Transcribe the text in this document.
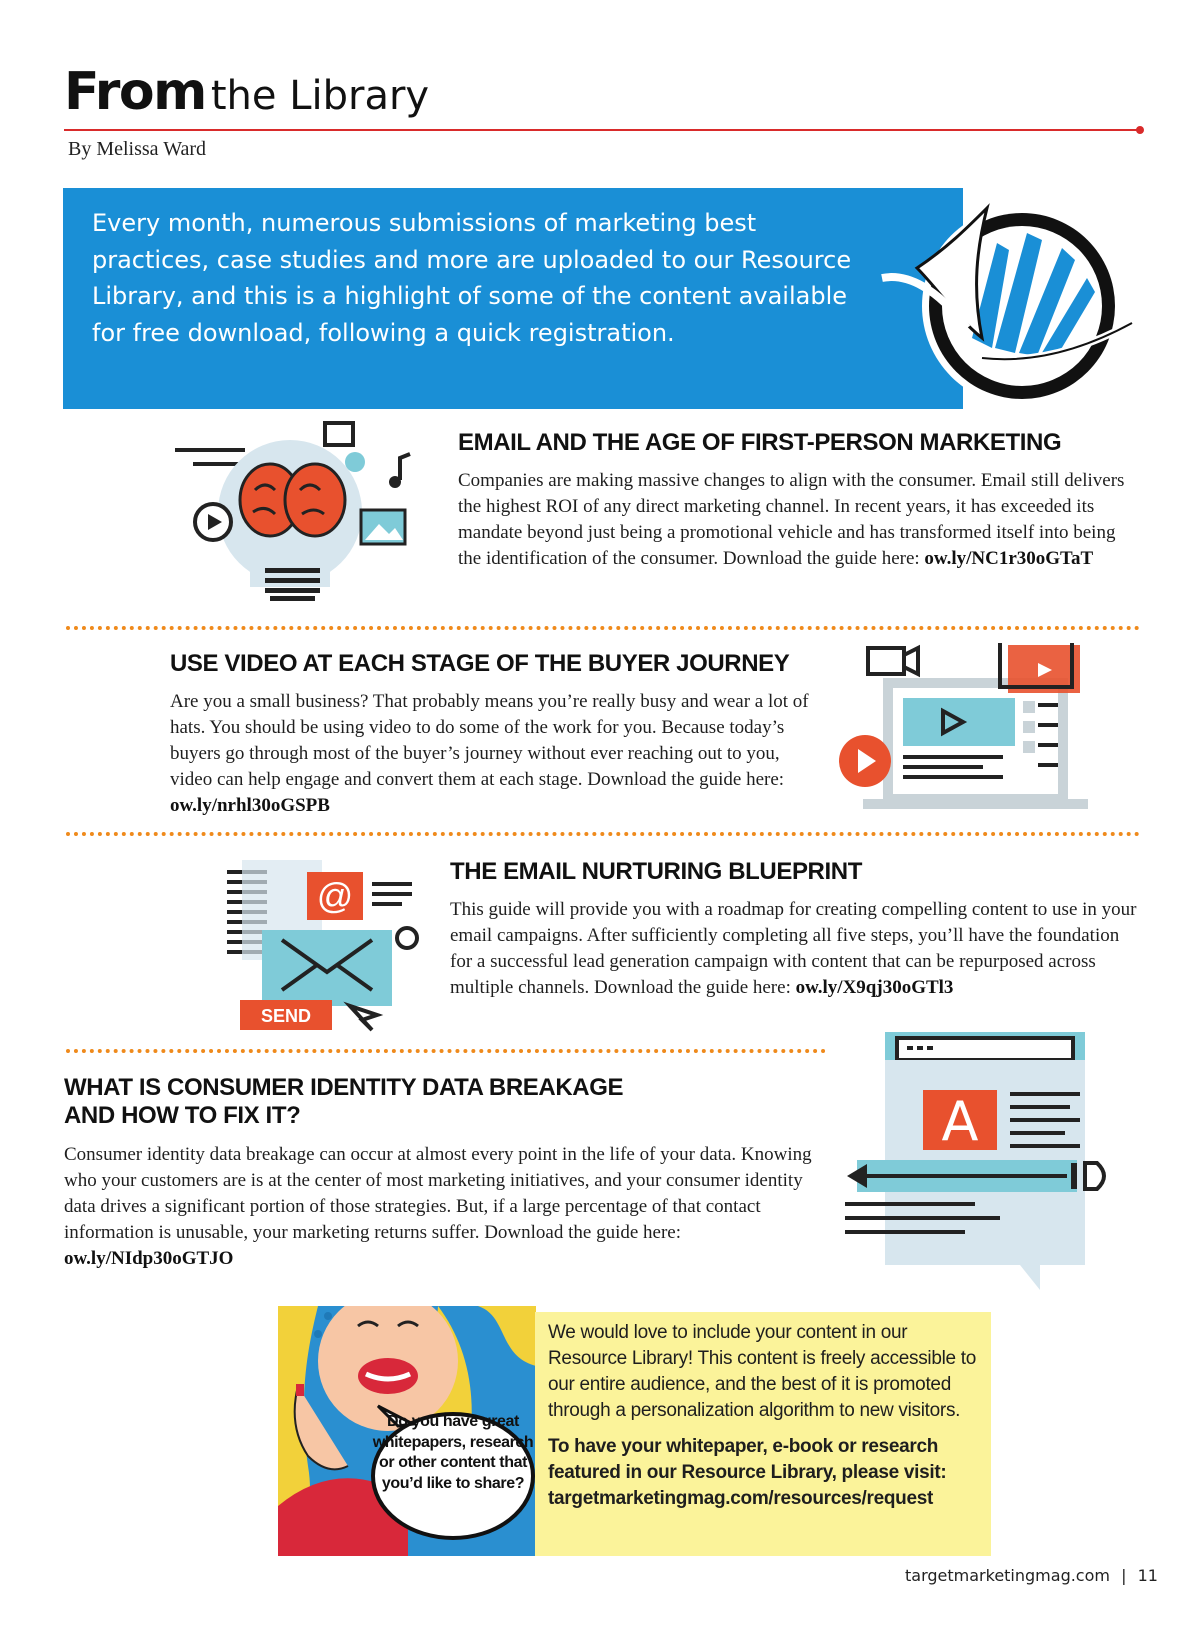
From the Library
By Melissa Ward
Every month, numerous submissions of marketing best practices, case studies and more are uploaded to our Resource Library, and this is a highlight of some of the content available for free download, following a quick registration.
EMAIL AND THE AGE OF FIRST-PERSON MARKETING
Companies are making massive changes to align with the consumer. Email still delivers the highest ROI of any direct marketing channel. In recent years, it has exceeded its mandate beyond just being a promotional vehicle and has transformed itself into being the identification of the consumer. Download the guide here: ow.ly/NC1r30oGTaT
USE VIDEO AT EACH STAGE OF THE BUYER JOURNEY
Are you a small business? That probably means you’re really busy and wear a lot of hats. You should be using video to do some of the work for you. Because today’s buyers go through most of the buyer’s journey without ever reaching out to you, video can help engage and convert them at each stage. Download the guide here: ow.ly/nrhl30oGSPB
@
SEND
THE EMAIL NURTURING BLUEPRINT
This guide will provide you with a roadmap for creating compelling content to use in your email campaigns. After sufficiently completing all five steps, you’ll have the foundation for a successful lead generation campaign with content that can be repurposed across multiple channels. Download the guide here: ow.ly/X9qj30oGTl3
WHAT IS CONSUMER IDENTITY DATA BREAKAGE
AND HOW TO FIX IT?
Consumer identity data breakage can occur at almost every point in the life of your data. Knowing who your customers are is at the center of most marketing initiatives, and your consumer identity data drives a significant portion of those strategies. But, if a large percentage of that contact information is unusable, your marketing returns suffer. Download the guide here: ow.ly/NIdp30oGTJO
A
Do you have great whitepapers, research or other content that you’d like to share?
We would love to include your content in our Resource Library! This content is freely accessible to our entire audience, and the best of it is promoted through a personalization algorithm to new visitors.
To have your whitepaper, e-book or research featured in our Resource Library, please visit: targetmarketingmag.com/resources/request
targetmarketingmag.com | 11
